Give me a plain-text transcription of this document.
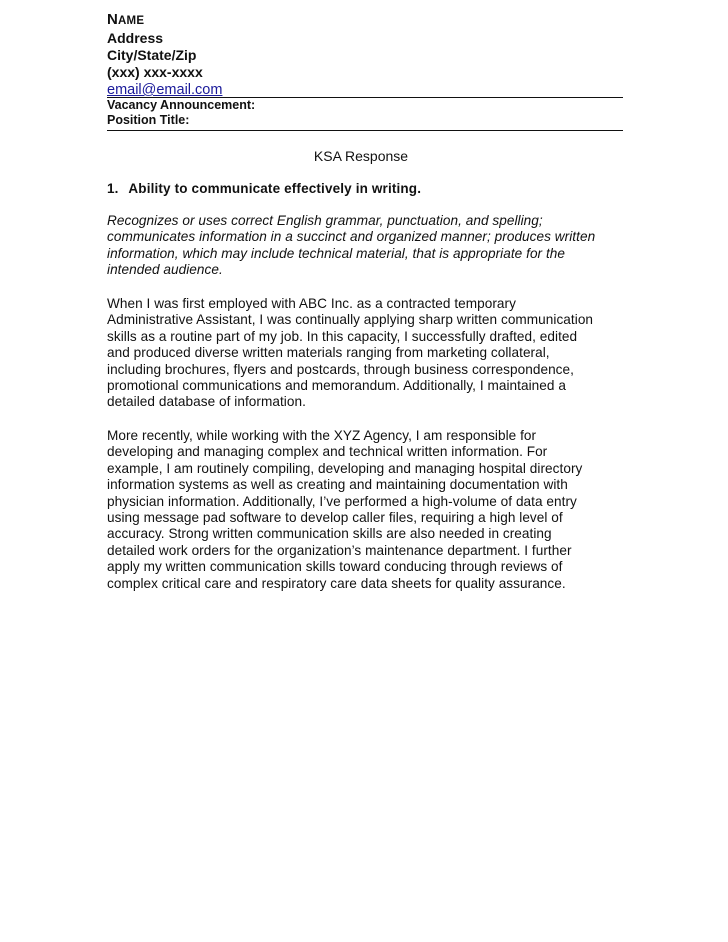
NAME
Address
City/State/Zip
(xxx) xxx-xxxx
email@email.com
Vacancy Announcement:
Position Title:
KSA Response
1. Ability to communicate effectively in writing.
Recognizes or uses correct English grammar, punctuation, and spelling;
communicates information in a succinct and organized manner; produces written
information, which may include technical material, that is appropriate for the
intended audience.
When I was first employed with ABC Inc. as a contracted temporary
Administrative Assistant, I was continually applying sharp written communication
skills as a routine part of my job. In this capacity, I successfully drafted, edited
and produced diverse written materials ranging from marketing collateral,
including brochures, flyers and postcards, through business correspondence,
promotional communications and memorandum. Additionally, I maintained a
detailed database of information.
More recently, while working with the XYZ Agency, I am responsible for
developing and managing complex and technical written information. For
example, I am routinely compiling, developing and managing hospital directory
information systems as well as creating and maintaining documentation with
physician information. Additionally, I’ve performed a high-volume of data entry
using message pad software to develop caller files, requiring a high level of
accuracy. Strong written communication skills are also needed in creating
detailed work orders for the organization’s maintenance department. I further
apply my written communication skills toward conducing through reviews of
complex critical care and respiratory care data sheets for quality assurance.
